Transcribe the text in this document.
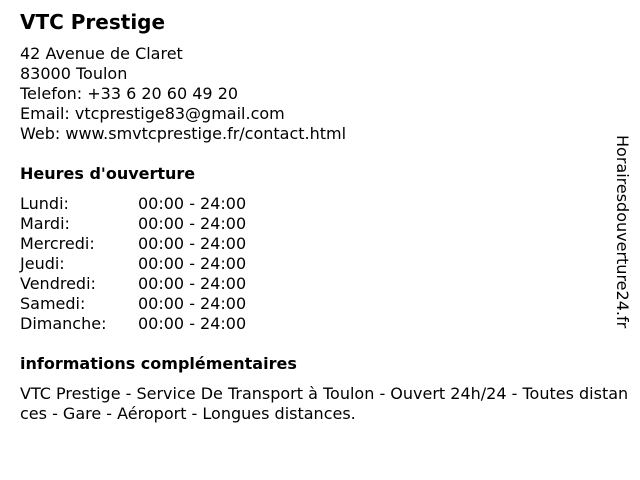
VTC Prestige
42 Avenue de Claret
83000 Toulon
Telefon: +33 6 20 60 49 20
Email: vtcprestige83@gmail.com
Web: www.smvtcprestige.fr/contact.html
Heures d'ouverture
Lundi:	00:00 - 24:00
Mardi:	00:00 - 24:00
Mercredi:	00:00 - 24:00
Jeudi:	00:00 - 24:00
Vendredi:	00:00 - 24:00
Samedi:	00:00 - 24:00
Dimanche:	00:00 - 24:00
informations complémentaires
VTC Prestige - Service De Transport à Toulon - Ouvert 24h/24 - Toutes distances - Gare - Aéroport - Longues distances.
Horairesdouverture24.fr
